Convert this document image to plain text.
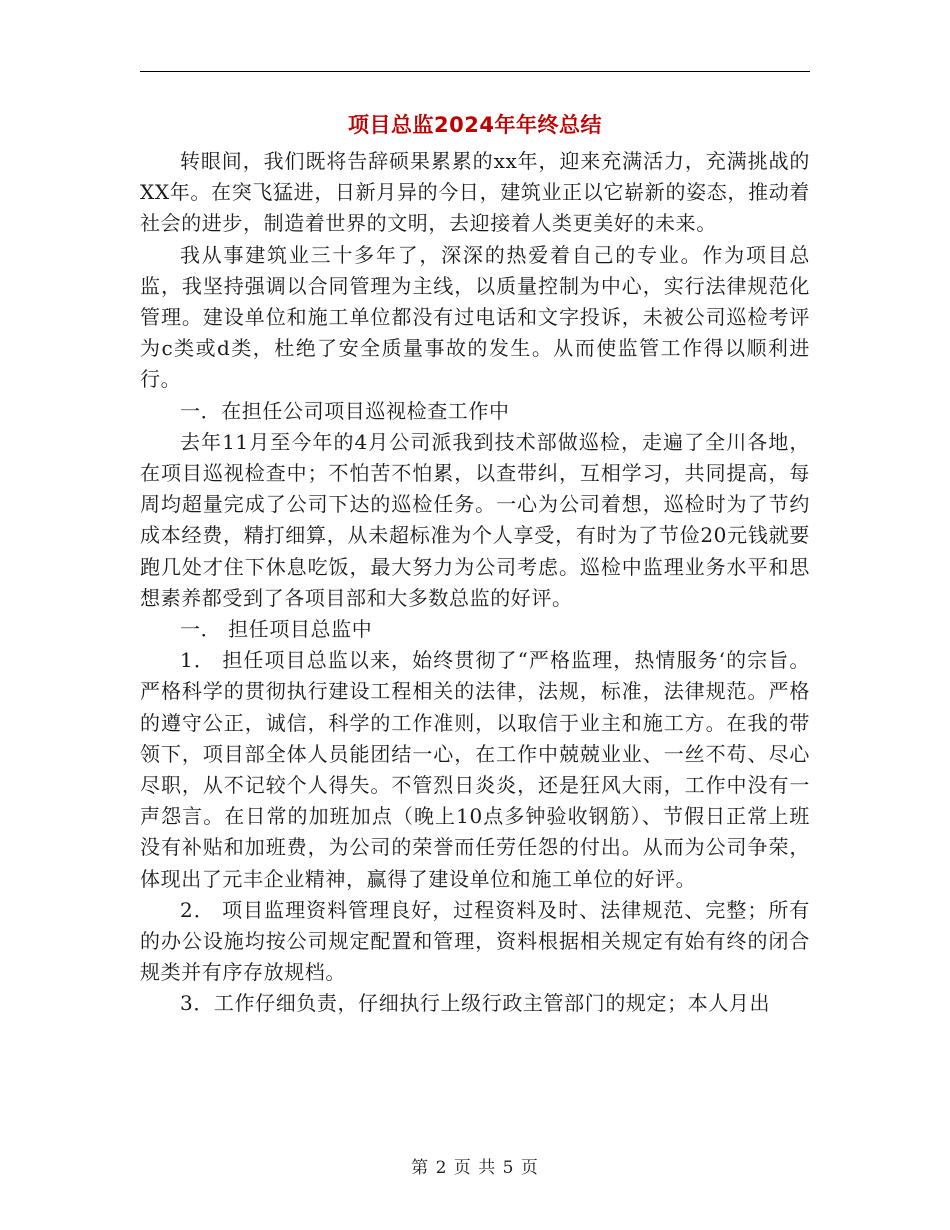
项目总监2024年年终总结

转眼间，我们既将告辞硕果累累的xx年，迎来充满活力，充满挑战的XX年。在突飞猛进，日新月异的今日，建筑业正以它崭新的姿态，推动着社会的进步，制造着世界的文明，去迎接着人类更美好的未来。

我从事建筑业三十多年了，深深的热爱着自己的专业。作为项目总监，我坚持强调以合同管理为主线，以质量控制为中心，实行法律规范化管理。建设单位和施工单位都没有过电话和文字投诉，未被公司巡检考评为c类或d类，杜绝了安全质量事故的发生。从而使监管工作得以顺利进行。

一．在担任公司项目巡视检查工作中

去年11月至今年的4月公司派我到技术部做巡检，走遍了全川各地，在项目巡视检查中；不怕苦不怕累，以查带纠，互相学习，共同提高，每周均超量完成了公司下达的巡检任务。一心为公司着想，巡检时为了节约成本经费，精打细算，从未超标准为个人享受，有时为了节俭20元钱就要跑几处才住下休息吃饭，最大努力为公司考虑。巡检中监理业务水平和思想素养都受到了各项目部和大多数总监的好评。

一． 担任项目总监中

1． 担任项目总监以来，始终贯彻了“严格监理，热情服务‘的宗旨。严格科学的贯彻执行建设工程相关的法律，法规，标准，法律规范。严格的遵守公正，诚信，科学的工作准则，以取信于业主和施工方。在我的带领下，项目部全体人员能团结一心，在工作中兢兢业业、一丝不苟、尽心尽职，从不记较个人得失。不管烈日炎炎，还是狂风大雨，工作中没有一声怨言。在日常的加班加点（晚上10点多钟验收钢筋）、节假日正常上班没有补贴和加班费，为公司的荣誉而任劳任怨的付出。从而为公司争荣，体现出了元丰企业精神，赢得了建设单位和施工单位的好评。

2． 项目监理资料管理良好，过程资料及时、法律规范、完整；所有的办公设施均按公司规定配置和管理，资料根据相关规定有始有终的闭合规类并有序存放规档。

3．工作仔细负责，仔细执行上级行政主管部门的规定；本人月出

第 2 页 共 5 页
